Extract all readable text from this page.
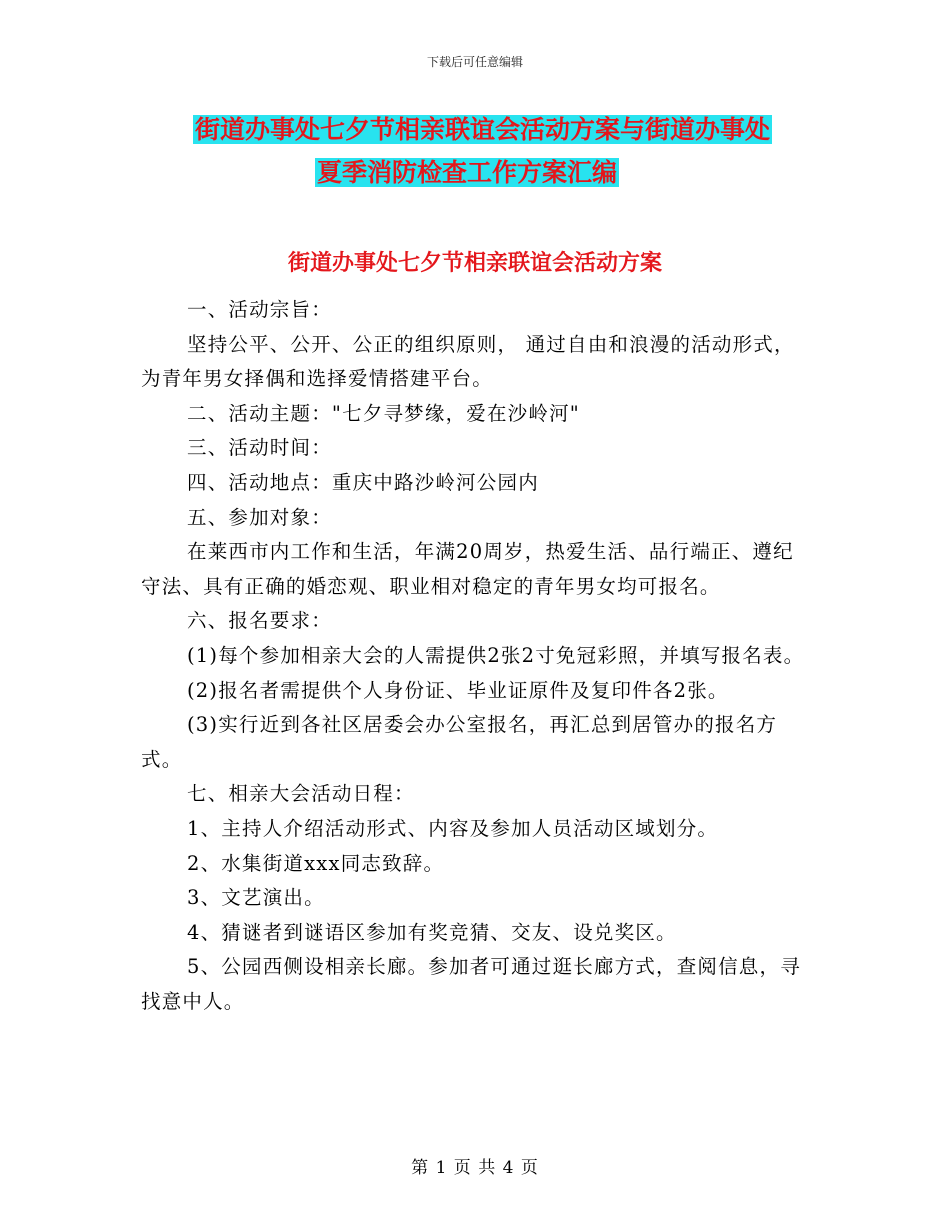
下载后可任意编辑
街道办事处七夕节相亲联谊会活动方案与街道办事处
夏季消防检查工作方案汇编
街道办事处七夕节相亲联谊会活动方案

一、活动宗旨：

坚持公平、公开、公正的组织原则， 通过自由和浪漫的活动形式，为青年男女择偶和选择爱情搭建平台。

二、活动主题："七夕寻梦缘，爱在沙岭河"

三、活动时间：

四、活动地点：重庆中路沙岭河公园内

五、参加对象：

在莱西市内工作和生活，年满20周岁，热爱生活、品行端正、遵纪守法、具有正确的婚恋观、职业相对稳定的青年男女均可报名。

六、报名要求：

(1)每个参加相亲大会的人需提供2张2寸免冠彩照，并填写报名表。

(2)报名者需提供个人身份证、毕业证原件及复印件各2张。

(3)实行近到各社区居委会办公室报名，再汇总到居管办的报名方式。

七、相亲大会活动日程：

1、主持人介绍活动形式、内容及参加人员活动区域划分。

2、水集街道xxx同志致辞。

3、文艺演出。

4、猜谜者到谜语区参加有奖竞猜、交友、设兑奖区。

5、公园西侧设相亲长廊。参加者可通过逛长廊方式，查阅信息，寻找意中人。

第 1 页 共 4 页
